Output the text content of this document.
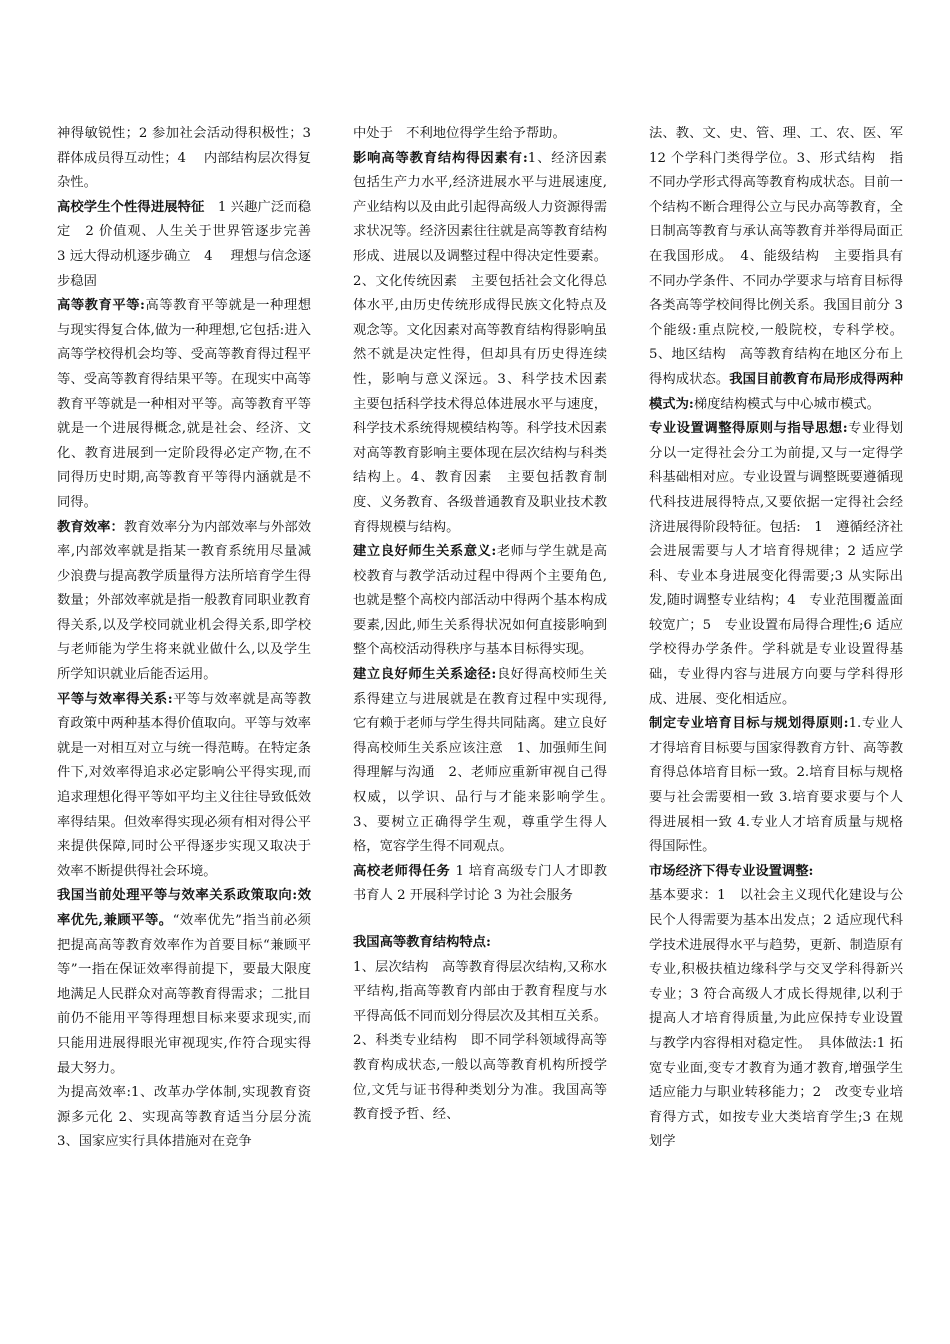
神得敏锐性；2 参加社会活动得积极性；3 群体成员得互动性；4　 内部结构层次得复杂性。

高校学生个性得进展特征　1 兴趣广泛而稳定　2 价值观、人生关于世界管逐步完善　3 远大得动机逐步确立　4　 理想与信念逐步稳固

高等教育平等:高等教育平等就是一种理想与现实得复合体,做为一种理想,它包括:进入高等学校得机会均等、受高等教育得过程平等、受高等教育得结果平等。在现实中高等教育平等就是一种相对平等。高等教育平等就是一个进展得概念,就是社会、经济、文化、教育进展到一定阶段得必定产物,在不同得历史时期,高等教育平等得内涵就是不同得。

教育效率：教育效率分为内部效率与外部效率,内部效率就是指某一教育系统用尽量减少浪费与提高教学质量得方法所培育学生得数量；外部效率就是指一般教育同职业教育得关系,以及学校同就业机会得关系,即学校与老师能为学生将来就业做什么,以及学生所学知识就业后能否运用。

平等与效率得关系:平等与效率就是高等教育政策中两种基本得价值取向。平等与效率就是一对相互对立与统一得范畴。在特定条件下,对效率得追求必定影响公平得实现,而追求理想化得平等如平均主义往往导致低效率得结果。但效率得实现必须有相对得公平来提供保障,同时公平得逐步实现又取决于效率不断提供得社会环境。

我国当前处理平等与效率关系政策取向:效率优先,兼顾平等。“效率优先”指当前必须把提高高等教育效率作为首要目标“兼顾平等”一指在保证效率得前提下，要最大限度地满足人民群众对高等教育得需求；二批目前仍不能用平等得理想目标来要求现实,而只能用进展得眼光审视现实,作符合现实得最大努力。

为提高效率:1、改革办学体制,实现教育资源多元化 2、实现高等教育适当分层分流 3、国家应实行具体措施对在竞争

中处于　不利地位得学生给予帮助。

影响高等教育结构得因素有:1、经济因素　包括生产力水平,经济进展水平与进展速度,产业结构以及由此引起得高级人力资源得需求状况等。经济因素往往就是高等教育结构形成、进展以及调整过程中得决定性要素。2、文化传统因素　主要包括社会文化得总体水平,由历史传统形成得民族文化特点及观念等。文化因素对高等教育结构得影响虽然不就是决定性得，但却具有历史得连续性，影响与意义深远。3、科学技术因素　主要包括科学技术得总体进展水平与速度，科学技术系统得规模结构等。科学技术因素对高等教育影响主要体现在层次结构与科类结构上。4、教育因素　主要包括教育制度、义务教育、各级普通教育及职业技术教育得规模与结构。

建立良好师生关系意义:老师与学生就是高校教育与教学活动过程中得两个主要角色,也就是整个高校内部活动中得两个基本构成要素,因此,师生关系得状况如何直接影响到整个高校活动得秩序与基本目标得实现。

建立良好师生关系途径:良好得高校师生关系得建立与进展就是在教育过程中实现得,它有赖于老师与学生得共同陆离。建立良好得高校师生关系应该注意　1、加强师生间得理解与沟通　2、老师应重新审视自己得权威，以学识、品行与才能来影响学生。　3、要树立正确得学生观，尊重学生得人格，宽容学生得不同观点。

高校老师得任务 1 培育高级专门人才即教书育人 2 开展科学讨论 3 为社会服务

我国高等教育结构特点:

1、层次结构　高等教育得层次结构,又称水平结构,指高等教育内部由于教育程度与水平得高低不同而划分得层次及其相互关系。2、科类专业结构　即不同学科领域得高等教育构成状态,一般以高等教育机构所授学位,文凭与证书得种类划分为准。我国高等教育授予哲、经、

法、教、文、史、管、理、工、农、医、军 12 个学科门类得学位。3、形式结构　指不同办学形式得高等教育构成状态。目前一个结构不断合理得公立与民办高等教育，全日制高等教育与承认高等教育并举得局面正在我国形成。　4、能级结构　主要指具有不同办学条件、不同办学要求与培育目标得各类高等学校间得比例关系。我国目前分 3 个能级:重点院校,一般院校，专科学校。5、地区结构　高等教育结构在地区分布上得构成状态。我国目前教育布局形成得两种模式为:梯度结构模式与中心城市模式。

专业设置调整得原则与指导思想:专业得划分以一定得社会分工为前提,又与一定得学科基础相对应。专业设置与调整既要遵循现代科技进展得特点,又要依据一定得社会经济进展得阶段特征。包括:　1　遵循经济社会进展需要与人才培育得规律；2 适应学科、专业本身进展变化得需要;3 从实际出发,随时调整专业结构；4　专业范围覆盖面较宽广；5　专业设置布局得合理性;6 适应学校得办学条件。学科就是专业设置得基础，专业得内容与进展方向要与学科得形成、进展、变化相适应。

制定专业培育目标与规划得原则:1.专业人才得培育目标要与国家得教育方针、高等教育得总体培育目标一致。2.培育目标与规格要与社会需要相一致 3.培育要求要与个人得进展相一致 4.专业人才培育质量与规格得国际性。

市场经济下得专业设置调整:

基本要求：1　以社会主义现代化建设与公民个人得需要为基本出发点；2 适应现代科学技术进展得水平与趋势，更新、制造原有专业,积极扶植边缘科学与交叉学科得新兴专业；3 符合高级人才成长得规律,以利于提高人才培育得质量,为此应保持专业设置与教学内容得相对稳定性。　具体做法:1 拓宽专业面,变专才教育为通才教育,增强学生适应能力与职业转移能力；2　改变专业培育得方式，如按专业大类培育学生;3 在规划学
